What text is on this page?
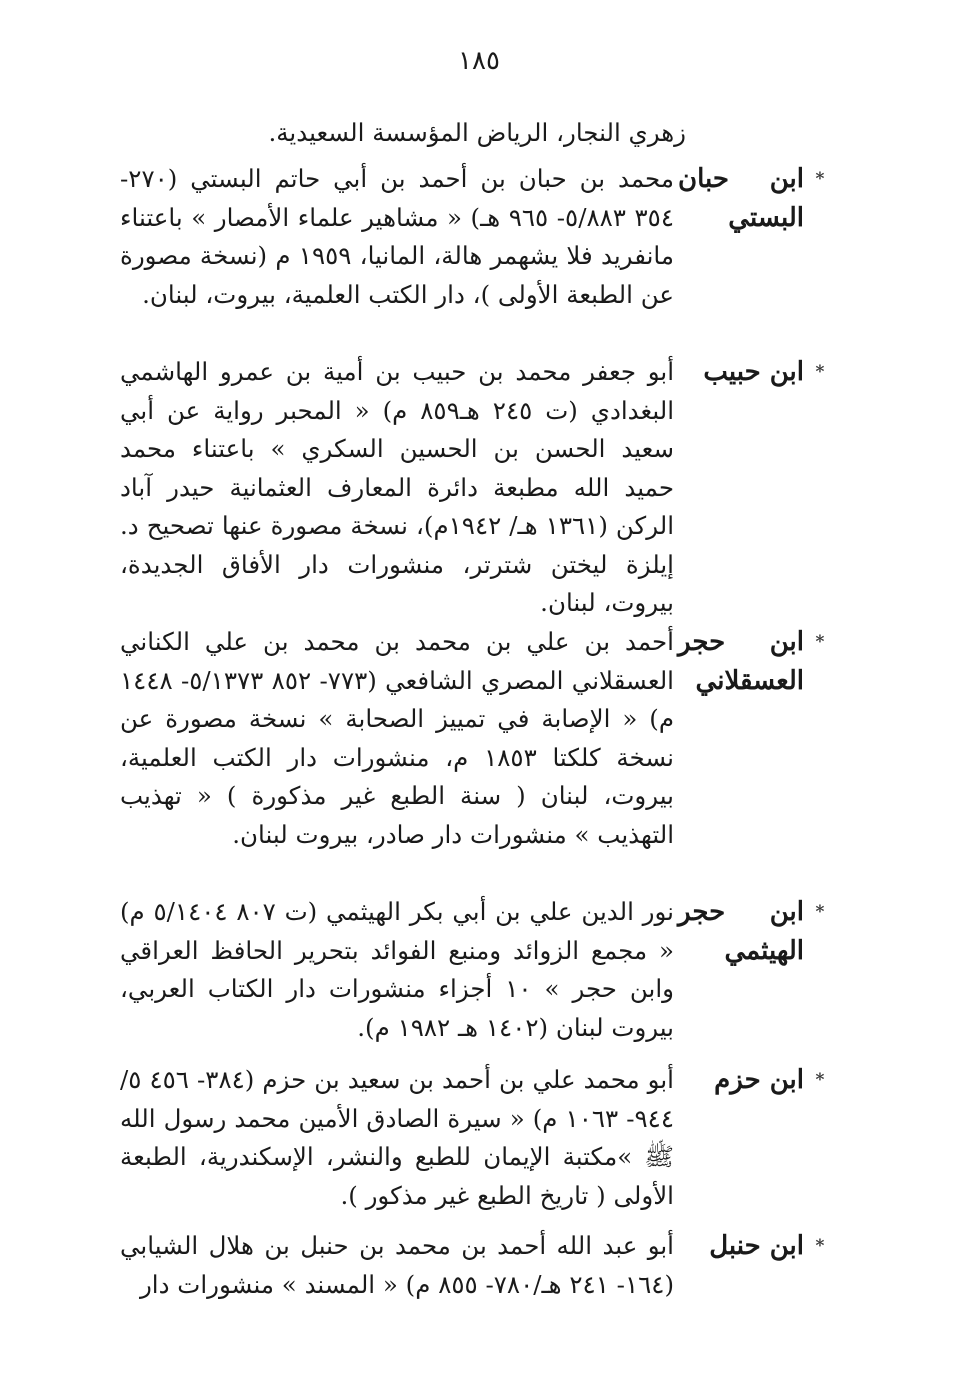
١٨٥

زهري النجار، الرياض المؤسسة السعيدية.

*
ابن حبان البستي

محمد بن حبان بن أحمد بن أبي حاتم البستي (٢٧٠- ٣٥٤ ٥/٨٨٣- ٩٦٥ هـ) « مشاهير علماء الأمصار » باعتناء مانفريد فلا يشهمر هالة، المانيا، ١٩٥٩ م (نسخة مصورة عن الطبعة الأولى )، دار الكتب العلمية، بيروت، لبنان.

*
ابن حبيب

أبو جعفر محمد بن حبيب بن أمية بن عمرو الهاشمي البغدادي (ت ٢٤٥ هـ٨٥٩ م) « المحبر رواية عن أبي سعيد الحسن بن الحسين السكري » باعتناء محمد حميد الله مطبعة دائرة المعارف العثمانية حيدر آباد الركن (١٣٦١ هـ/ ١٩٤٢م)، نسخة مصورة عنها تصحيح د. إيلزة ليختن شترتر، منشورات دار الأفاق الجديدة، بيروت، لبنان.

*
ابن حجر العسقلاني

أحمد بن علي بن محمد بن محمد بن علي الكناني العسقلاني المصري الشافعي (٧٧٣- ٨٥٢ ٥/١٣٧٣- ١٤٤٨ م) « الإصابة في تمييز الصحابة » نسخة مصورة عن نسخة كلكتا ١٨٥٣ م، منشورات دار الكتب العلمية، بيروت، لبنان ( سنة الطبع غير مذكورة ) « تهذيب التهذيب » منشورات دار صادر، بيروت لبنان.

*
ابن حجر الهيثمي

نور الدين علي بن أبي بكر الهيثمي (ت ٨٠٧ ٥/١٤٠٤ م) « مجمع الزوائد ومنبع الفوائد بتحرير الحافظ العراقي وابن حجر » ١٠ أجزاء منشورات دار الكتاب العربي، بيروت لبنان (١٤٠٢ هـ ١٩٨٢ م).

*
ابن حزم

أبو محمد علي بن أحمد بن سعيد بن حزم (٣٨٤- ٤٥٦ ٥/ ٩٤٤- ١٠٦٣ م) « سيرة الصادق الأمين محمد رسول الله ﷺ »مكتبة الإيمان للطبع والنشر، الإسكندرية، الطبعة الأولى ( تاريخ الطبع غير مذكور ).

*
ابن حنبل

أبو عبد الله أحمد بن محمد بن حنبل بن هلال الشيابي (١٦٤- ٢٤١ هـ/٧٨٠- ٨٥٥ م) « المسند » منشورات دار
